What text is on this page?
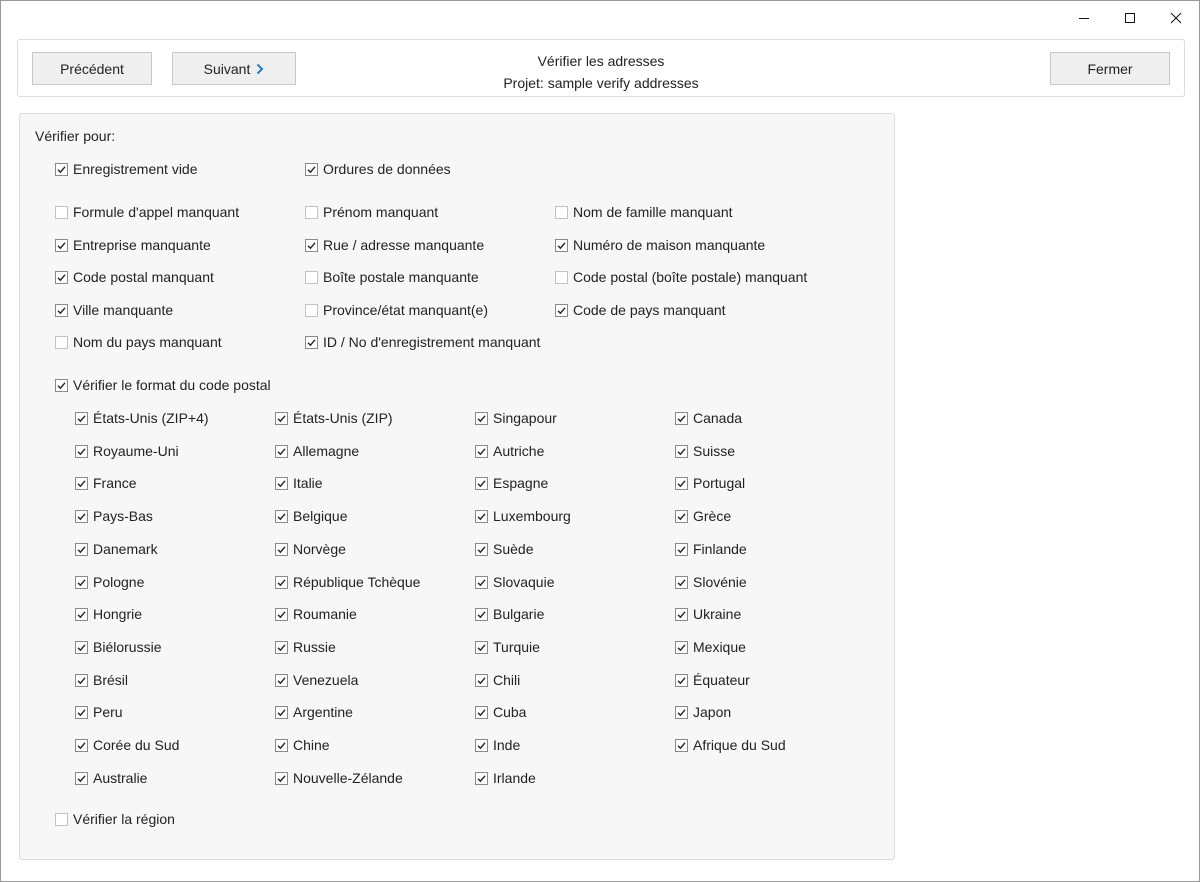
Vérifier les adresses
Projet: sample verify addresses
Précédent	Suivant	Fermer
Vérifier pour:
Enregistrement vide	Ordures de données
Formule d'appel manquant	Prénom manquant	Nom de famille manquant
Entreprise manquante	Rue / adresse manquante	Numéro de maison manquante
Code postal manquant	Boîte postale manquante	Code postal (boîte postale) manquant
Ville manquante	Province/état manquant(e)	Code de pays manquant
Nom du pays manquant	ID / No d'enregistrement manquant
Vérifier le format du code postal
États-Unis (ZIP+4)	États-Unis (ZIP)	Singapour	Canada
Royaume-Uni	Allemagne	Autriche	Suisse
France	Italie	Espagne	Portugal
Pays-Bas	Belgique	Luxembourg	Grèce
Danemark	Norvège	Suède	Finlande
Pologne	République Tchèque	Slovaquie	Slovénie
Hongrie	Roumanie	Bulgarie	Ukraine
Biélorussie	Russie	Turquie	Mexique
Brésil	Venezuela	Chili	Équateur
Peru	Argentine	Cuba	Japon
Corée du Sud	Chine	Inde	Afrique du Sud
Australie	Nouvelle-Zélande	Irlande
Vérifier la région
